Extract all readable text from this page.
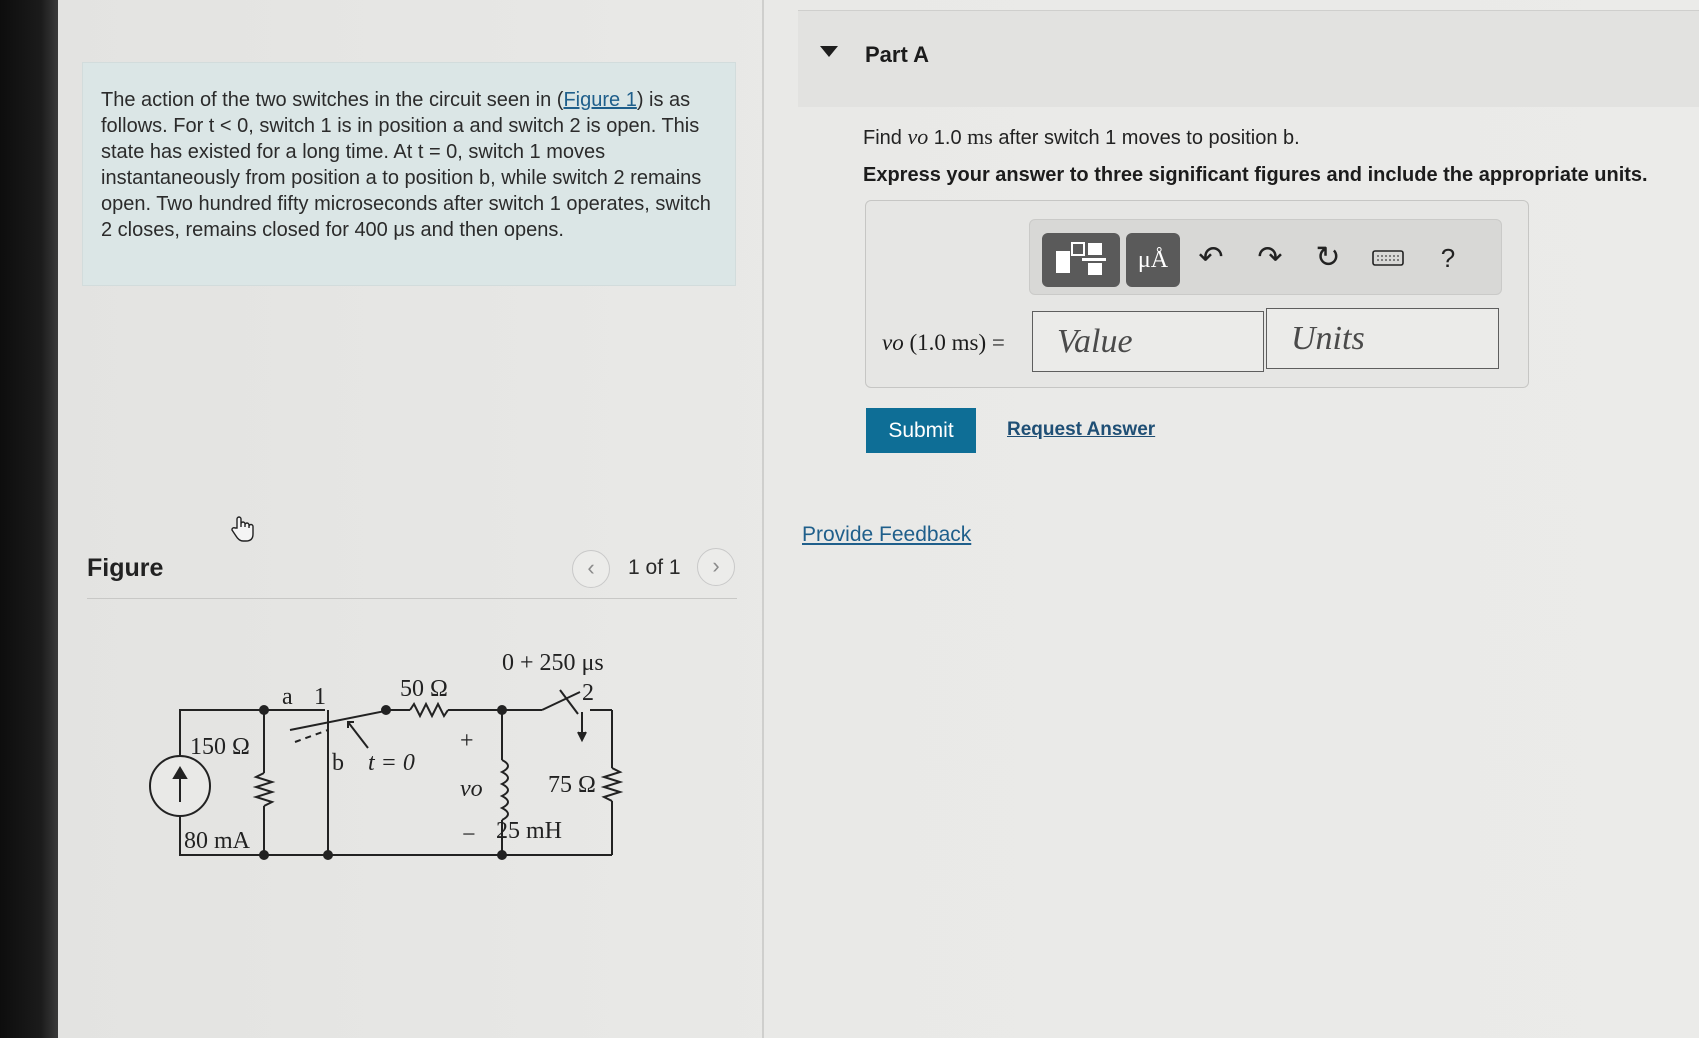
The action of the two switches in the circuit seen in (Figure 1) is as follows. For t < 0, switch 1 is in position a and switch 2 is open. This state has existed for a long time. At t = 0, switch 1 moves instantaneously from position a to position b, while switch 2 remains open. Two hundred fifty microseconds after switch 1 operates, switch 2 closes, remains closed for 400 μs and then opens.
Figure	‹	1 of 1	›
0 + 250 μs
50 Ω
a 1	2
150 Ω
b t = 0
+
vo
−
75 Ω
25 mH
80 mA
Part A
Find vo 1.0 ms after switch 1 moves to position b.
Express your answer to three significant figures and include the appropriate units.
μÅ	↶ ↷ ↻	?
vo (1.0 ms) =
Value
Units
Submit	Request Answer
Provide Feedback
